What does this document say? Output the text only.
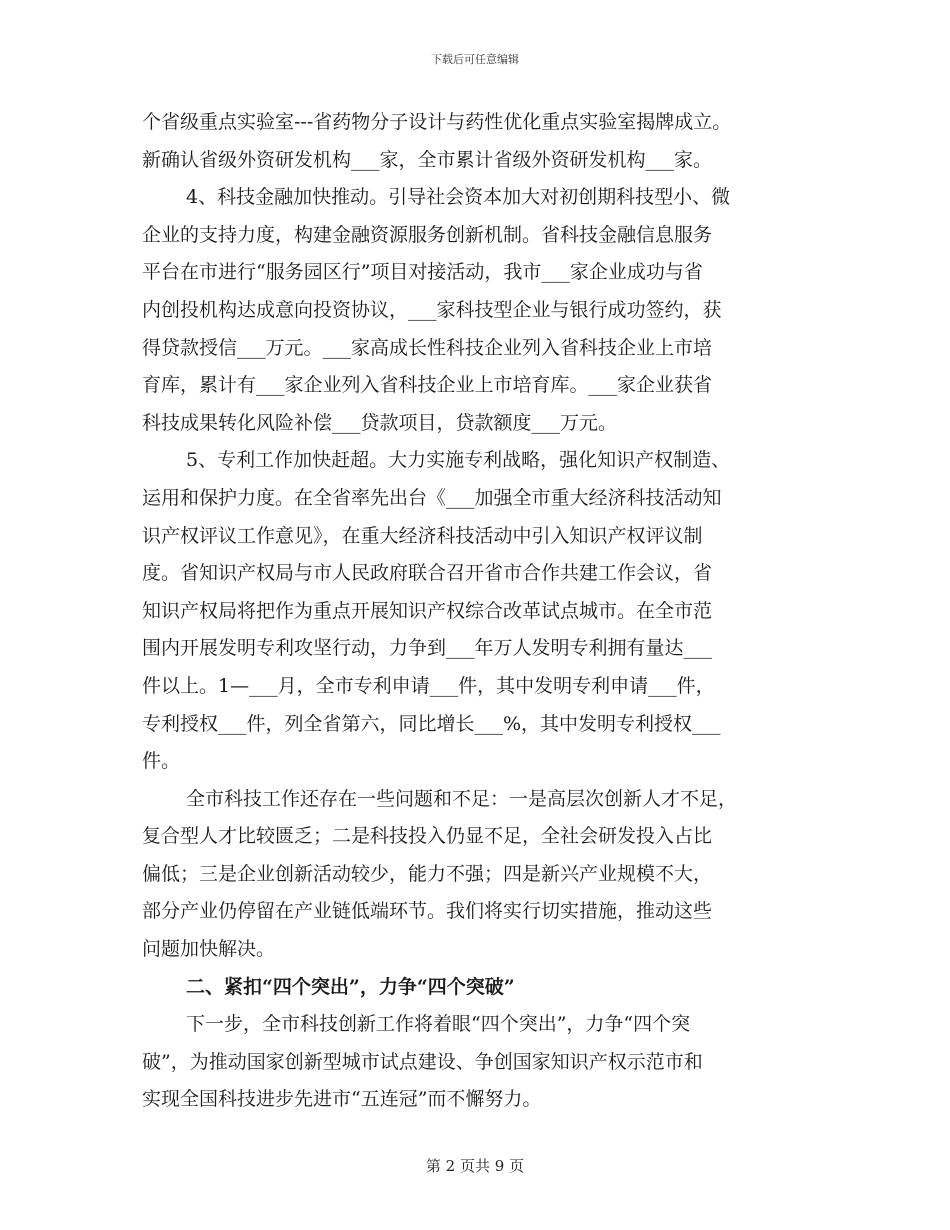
下载后可任意编辑
个省级重点实验室---省药物分子设计与药性优化重点实验室揭牌成立。
新确认省级外资研发机构___家，全市累计省级外资研发机构___家。
4、科技金融加快推动。引导社会资本加大对初创期科技型小、微
企业的支持力度，构建金融资源服务创新机制。省科技金融信息服务
平台在市进行“服务园区行”项目对接活动，我市___家企业成功与省
内创投机构达成意向投资协议，___家科技型企业与银行成功签约，获
得贷款授信___万元。___家高成长性科技企业列入省科技企业上市培
育库，累计有___家企业列入省科技企业上市培育库。___家企业获省
科技成果转化风险补偿___贷款项目，贷款额度___万元。
5、专利工作加快赶超。大力实施专利战略，强化知识产权制造、
运用和保护力度。在全省率先出台《___加强全市重大经济科技活动知
识产权评议工作意见》，在重大经济科技活动中引入知识产权评议制
度。省知识产权局与市人民政府联合召开省市合作共建工作会议，省
知识产权局将把作为重点开展知识产权综合改革试点城市。在全市范
围内开展发明专利攻坚行动，力争到___年万人发明专利拥有量达___
件以上。1—___月，全市专利申请___件，其中发明专利申请___件，
专利授权___件，列全省第六，同比增长___%，其中发明专利授权___
件。
全市科技工作还存在一些问题和不足：一是高层次创新人才不足，
复合型人才比较匮乏；二是科技投入仍显不足，全社会研发投入占比
偏低；三是企业创新活动较少，能力不强；四是新兴产业规模不大，
部分产业仍停留在产业链低端环节。我们将实行切实措施，推动这些
问题加快解决。
二、紧扣“四个突出”，力争“四个突破”
下一步，全市科技创新工作将着眼“四个突出”，力争“四个突
破”，为推动国家创新型城市试点建设、争创国家知识产权示范市和
实现全国科技进步先进市“五连冠”而不懈努力。
第 2 页共 9 页
